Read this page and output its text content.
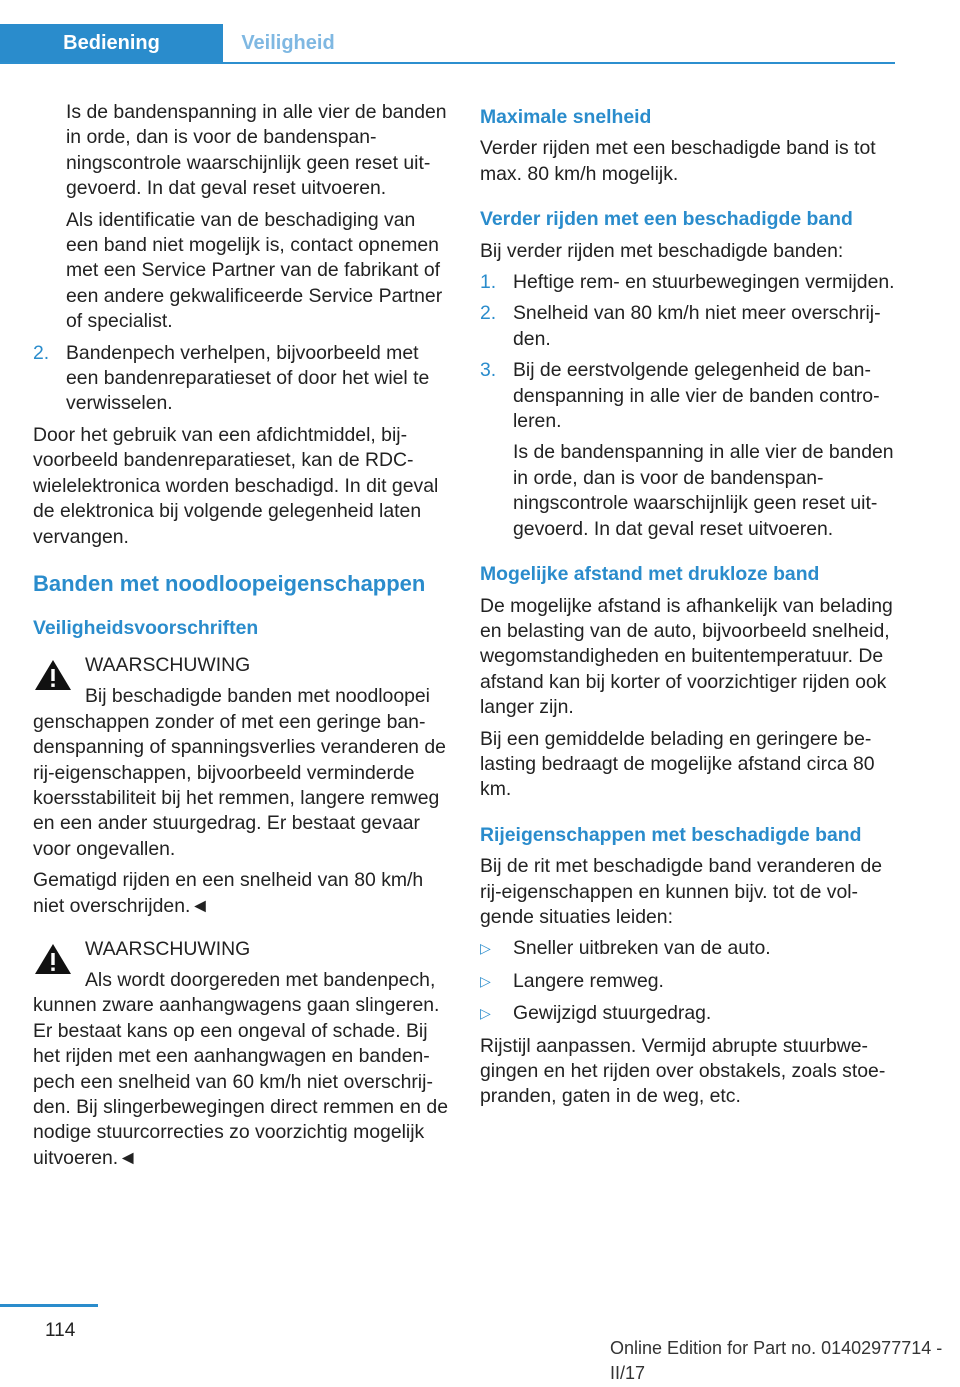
Bediening	Veiligheid

Is de bandenspanning in alle vier de banden in orde, dan is voor de bandenspanningscontrole waarschijnlijk geen reset uitgevoerd. In dat geval reset uitvoeren.

Als identificatie van de beschadiging van een band niet mogelijk is, contact opnemen met een Service Partner van de fabrikant of een andere gekwalificeerde Service Partner of specialist.

2. Bandenpech verhelpen, bijvoorbeeld met een bandenreparatieset of door het wiel te verwisselen.

Door het gebruik van een afdichtmiddel, bijvoorbeeld bandenreparatieset, kan de RDC-wielelektronica worden beschadigd. In dit geval de elektronica bij volgende gelegenheid laten vervangen.

Banden met noodloopeigenschappen
Veiligheidsvoorschriften
WAARSCHUWING
Bij beschadigde banden met noodloopei

genschappen zonder of met een geringe bandenspanning of spanningsverlies veranderen de rij-eigenschappen, bijvoorbeeld verminderde koersstabiliteit bij het remmen, langere remweg en een ander stuurgedrag. Er bestaat gevaar voor ongevallen.

Gematigd rijden en een snelheid van 80 km/h niet overschrijden.◄

WAARSCHUWING
Als wordt doorgereden met bandenpech,

kunnen zware aanhangwagens gaan slingeren. Er bestaat kans op een ongeval of schade. Bij het rijden met een aanhangwagen en bandenpech een snelheid van 60 km/h niet overschrijden. Bij slingerbewegingen direct remmen en de nodige stuurcorrecties zo voorzichtig mogelijk uitvoeren.◄

Maximale snelheid

Verder rijden met een beschadigde band is tot max. 80 km/h mogelijk.

Verder rijden met een beschadigde band

Bij verder rijden met beschadigde banden:

1. Heftige rem- en stuurbewegingen vermijden.
2. Snelheid van 80 km/h niet meer overschrijden.
3. Bij de eerstvolgende gelegenheid de bandenspanning in alle vier de banden controleren.

Is de bandenspanning in alle vier de banden in orde, dan is voor de bandenspanningscontrole waarschijnlijk geen reset uitgevoerd. In dat geval reset uitvoeren.

Mogelijke afstand met drukloze band

De mogelijke afstand is afhankelijk van belading en belasting van de auto, bijvoorbeeld snelheid, wegomstandigheden en buitentemperatuur. De afstand kan bij korter of voorzichtiger rijden ook langer zijn.

Bij een gemiddelde belading en geringere belasting bedraagt de mogelijke afstand circa 80 km.

Rijeigenschappen met beschadigde band

Bij de rit met beschadigde band veranderen de rij-eigenschappen en kunnen bijv. tot de volgende situaties leiden:

▷ Sneller uitbreken van de auto.
▷ Langere remweg.
▷ Gewijzigd stuurgedrag.

Rijstijl aanpassen. Vermijd abrupte stuurbwegingen en het rijden over obstakels, zoals stoepranden, gaten in de weg, etc.

114
Online Edition for Part no. 01402977714 - II/17
